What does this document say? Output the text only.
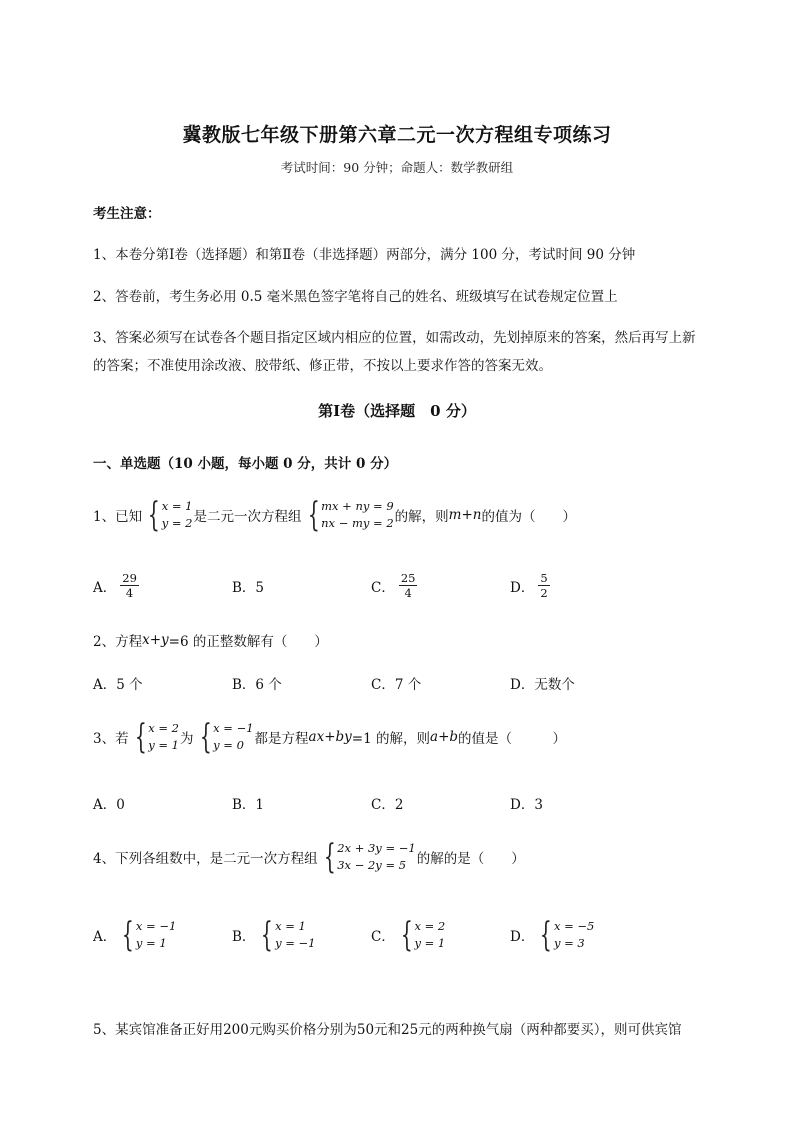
冀教版七年级下册第六章二元一次方程组专项练习
考试时间：90 分钟；命题人：数学教研组
考生注意：
1、本卷分第Ⅰ卷（选择题）和第Ⅱ卷（非选择题）两部分，满分 100 分，考试时间 90 分钟
2、答卷前，考生务必用 0.5 毫米黑色签字笔将自己的姓名、班级填写在试卷规定位置上
3、答案必须写在试卷各个题目指定区域内相应的位置，如需改动，先划掉原来的答案，然后再写上新
的答案；不准使用涂改液、胶带纸、修正带，不按以上要求作答的答案无效。
第Ⅰ卷（选择题　0 分）
一、单选题（10 小题，每小题 0 分，共计 0 分）
1、已知 { x = 1
y = 2 是二元一次方程组 { mx + ny = 9
nx − my = 2 的解，则 m+n 的值为（　　）
A． $\frac{29}{4}$	B．5	C． $\frac{25}{4}$	D． $\frac{5}{2}$
2、方程 x+y =6 的正整数解有（　　）
A．5 个	B．6 个	C．7 个	D．无数个
3、若 { x = 2
y = 1 为 { x = −1
y = 0 都是方程 ax + by =1 的解，则 a + b 的值是（　　　）
A．0	B．1	C．2	D．3
4、下列各组数中，是二元一次方程组 { 2x + 3y = −1
3x − 2y = 5 的解的是（　　）
A． { x = −1
y = 1	B． { x = 1
y = −1	C． { x = 2
y = 1	D． { x = −5
y = 3
5、某宾馆准备正好用200元购买价格分别为50元和25元的两种换气扇（两种都要买），则可供宾馆
